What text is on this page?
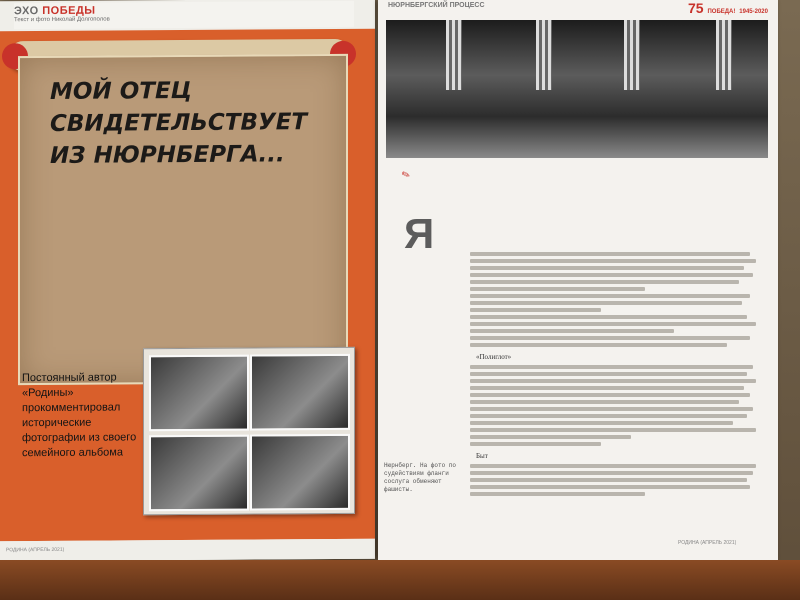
ЭХО ПОБЕДЫ
Текст и фото Николай Долгополов
МОЙ ОТЕЦ СВИДЕТЕЛЬСТВУЕТ ИЗ НЮРНБЕРГА...
Постоянный автор «Родины» прокомментировал исторические фотографии из своего семейного альбома
РОДИНА (АПРЕЛЬ 2021)
НЮРНБЕРГСКИЙ ПРОЦЕСС	75 ПОБЕДА! 1945-2020
✎
Я
«Полиглот»
Быт
Нюрнберг. На фото по судействиям фланги сослуга обменяют фашисты.
РОДИНА (АПРЕЛЬ 2021)
